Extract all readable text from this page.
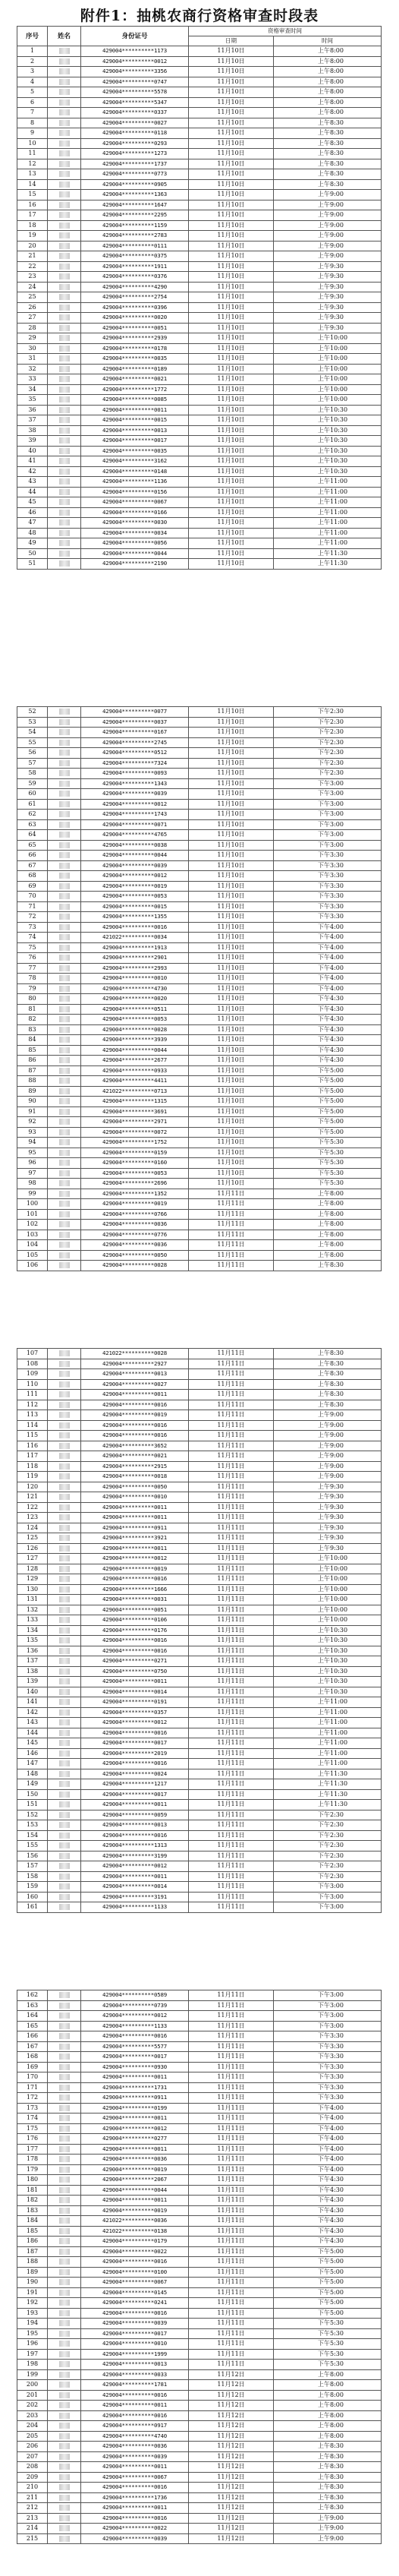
附件1：抽桃农商行资格审查时段表
序号	姓名	身份证号	资格审查时间	
			日期	时间
1		429004**********1173	11月10日	上午8:00
2		429004**********0012	11月10日	上午8:00
3		429004**********3356	11月10日	上午8:00
4		429004**********0747	11月10日	上午8:00
5		429004**********5578	11月10日	上午8:00
6		429004**********5347	11月10日	上午8:00
7		429004**********0337	11月10日	上午8:00
8		429004**********0027	11月10日	上午8:30
9		429004**********0118	11月10日	上午8:30
10		429004**********0293	11月10日	上午8:30
11		429004**********1273	11月10日	上午8:30
12		429004**********1737	11月10日	上午8:30
13		429004**********0773	11月10日	上午8:30
14		429004**********0905	11月10日	上午8:30
15		429004**********1363	11月10日	上午9:00
16		429004**********1647	11月10日	上午9:00
17		429004**********2295	11月10日	上午9:00
18		429004**********1159	11月10日	上午9:00
19		429004**********2783	11月10日	上午9:00
20		429004**********0111	11月10日	上午9:00
21		429004**********0375	11月10日	上午9:00
22		429004**********1911	11月10日	上午9:30
23		429004**********0376	11月10日	上午9:30
24		429004**********4290	11月10日	上午9:30
25		429004**********2754	11月10日	上午9:30
26		429004**********0396	11月10日	上午9:30
27		429004**********0020	11月10日	上午9:30
28		429004**********0051	11月10日	上午9:30
29		429004**********2939	11月10日	上午10:00
30		429004**********0178	11月10日	上午10:00
31		429004**********0035	11月10日	上午10:00
32		429004**********0189	11月10日	上午10:00
33		429004**********0021	11月10日	上午10:00
34		429004**********1772	11月10日	上午10:00
35		429004**********0085	11月10日	上午10:00
36		429004**********0011	11月10日	上午10:30
37		429004**********0015	11月10日	上午10:30
38		429004**********0013	11月10日	上午10:30
39		429004**********0017	11月10日	上午10:30
40		429004**********0035	11月10日	上午10:30
41		429004**********3162	11月10日	上午10:30
42		429004**********0148	11月10日	上午10:30
43		429004**********1136	11月10日	上午11:00
44		429004**********0156	11月10日	上午11:00
45		429004**********0067	11月10日	上午11:00
46		429004**********0166	11月10日	上午11:00
47		429004**********0030	11月10日	上午11:00
48		429004**********0034	11月10日	上午11:00
49		429004**********0056	11月10日	上午11:00
50		429004**********0044	11月10日	上午11:30
51		429004**********2190	11月10日	上午11:30
52		429004**********0077	11月10日	下午2:30
53		429004**********0037	11月10日	下午2:30
54		429004**********0167	11月10日	下午2:30
55		429004**********2745	11月10日	下午2:30
56		429004**********0512	11月10日	下午2:30
57		429004**********7324	11月10日	下午2:30
58		429004**********0093	11月10日	下午2:30
59		429004**********1343	11月10日	下午3:00
60		429004**********0039	11月10日	下午3:00
61		429004**********0012	11月10日	下午3:00
62		429004**********1743	11月10日	下午3:00
63		429004**********0071	11月10日	下午3:00
64		429004**********4765	11月10日	下午3:00
65		429004**********0038	11月10日	下午3:00
66		429004**********0044	11月10日	下午3:30
67		429004**********0039	11月10日	下午3:30
68		429004**********0012	11月10日	下午3:30
69		429004**********0019	11月10日	下午3:30
70		429004**********0053	11月10日	下午3:30
71		429004**********0015	11月10日	下午3:30
72		429004**********1355	11月10日	下午3:30
73		429004**********0016	11月10日	下午4:00
74		421022**********0034	11月10日	下午4:00
75		429004**********1913	11月10日	下午4:00
76		429004**********2901	11月10日	下午4:00
77		429004**********2993	11月10日	下午4:00
78		429004**********0010	11月10日	下午4:00
79		429004**********4730	11月10日	下午4:00
80		429004**********0020	11月10日	下午4:30
81		429004**********0511	11月10日	下午4:30
82		429004**********0053	11月10日	下午4:30
83		429004**********0028	11月10日	下午4:30
84		429004**********3939	11月10日	下午4:30
85		429004**********0044	11月10日	下午4:30
86		429004**********2677	11月10日	下午4:30
87		429004**********0933	11月10日	下午5:00
88		429004**********4411	11月10日	下午5:00
89		421022**********0713	11月10日	下午5:00
90		429004**********1315	11月10日	下午5:00
91		429004**********3691	11月10日	下午5:00
92		429004**********2971	11月10日	下午5:00
93		429004**********0072	11月10日	下午5:00
94		429004**********1752	11月10日	下午5:30
95		429004**********0159	11月10日	下午5:30
96		429004**********0160	11月10日	下午5:30
97		429004**********0053	11月10日	下午5:30
98		429004**********2696	11月10日	下午5:30
99		429004**********1352	11月11日	上午8:00
100		429004**********0019	11月11日	上午8:00
101		429004**********0766	11月11日	上午8:00
102		429004**********0036	11月11日	上午8:00
103		429004**********0776	11月11日	上午8:00
104		429004**********0036	11月11日	上午8:00
105		429004**********0050	11月11日	上午8:00
106		429004**********0028	11月11日	上午8:30
107		421022**********0028	11月11日	上午8:30
108		429004**********2927	11月11日	上午8:30
109		429004**********0013	11月11日	上午8:30
110		429004**********0027	11月11日	上午8:30
111		429004**********0011	11月11日	上午8:30
112		429004**********0016	11月11日	上午8:30
113		429004**********0019	11月11日	上午9:00
114		429004**********0016	11月11日	上午9:00
115		429004**********0016	11月11日	上午9:00
116		429004**********3652	11月11日	上午9:00
117		429004**********0021	11月11日	上午9:00
118		429004**********2915	11月11日	上午9:00
119		429004**********0018	11月11日	上午9:00
120		429004**********0050	11月11日	上午9:30
121		429004**********0010	11月11日	上午9:30
122		429004**********0011	11月11日	上午9:30
123		429004**********0011	11月11日	上午9:30
124		429004**********0911	11月11日	上午9:30
125		429004**********3921	11月11日	上午9:30
126		429004**********0011	11月11日	上午9:30
127		429004**********0012	11月11日	上午10:00
128		429004**********0019	11月11日	上午10:00
129		429004**********0016	11月11日	上午10:00
130		429004**********1666	11月11日	上午10:00
131		429004**********0031	11月11日	上午10:00
132		429004**********0051	11月11日	上午10:00
133		429004**********0106	11月11日	上午10:00
134		429004**********0176	11月11日	上午10:30
135		429004**********0016	11月11日	上午10:30
136		429004**********0016	11月11日	上午10:30
137		429004**********0271	11月11日	上午10:30
138		429004**********0750	11月11日	上午10:30
139		429004**********0011	11月11日	上午10:30
140		429004**********0014	11月11日	上午10:30
141		429004**********0191	11月11日	上午11:00
142		429004**********0357	11月11日	上午11:00
143		429004**********0012	11月11日	上午11:00
144		429004**********0016	11月11日	上午11:00
145		429004**********0017	11月11日	上午11:00
146		429004**********2019	11月11日	上午11:00
147		429004**********0016	11月11日	上午11:00
148		429004**********0024	11月11日	上午11:30
149		429004**********1217	11月11日	上午11:30
150		429004**********0017	11月11日	上午11:30
151		429004**********0011	11月11日	上午11:30
152		429004**********0059	11月11日	下午2:30
153		429004**********0013	11月11日	下午2:30
154		429004**********0016	11月11日	下午2:30
155		429004**********1313	11月11日	下午2:30
156		429004**********3199	11月11日	下午2:30
157		429004**********0012	11月11日	下午2:30
158		429004**********0011	11月11日	下午2:30
159		429004**********0014	11月11日	下午3:00
160		429004**********3191	11月11日	下午3:00
161		429004**********1133	11月11日	下午3:00
162		429004**********0589	11月11日	下午3:00
163		429004**********0739	11月11日	下午3:00
164		429004**********0012	11月11日	下午3:00
165		429004**********1133	11月11日	下午3:00
166		429004**********0016	11月11日	下午3:30
167		429004**********5577	11月11日	下午3:30
168		429004**********0017	11月11日	下午3:30
169		429004**********0930	11月11日	下午3:30
170		429004**********0011	11月11日	下午3:30
171		429004**********1731	11月11日	下午3:30
172		429004**********0911	11月11日	下午3:30
173		429004**********0199	11月11日	下午4:00
174		429004**********0011	11月11日	下午4:00
175		429004**********0012	11月11日	下午4:00
176		429004**********0277	11月11日	下午4:00
177		429004**********0011	11月11日	下午4:00
178		429004**********0036	11月11日	下午4:00
179		429004**********0019	11月11日	下午4:00
180		429004**********2067	11月11日	下午4:30
181		429004**********0044	11月11日	下午4:30
182		429004**********0011	11月11日	下午4:30
183		429004**********0019	11月11日	下午4:30
184		421022**********0036	11月11日	下午4:30
185		421022**********0138	11月11日	下午4:30
186		429004**********0179	11月11日	下午4:30
187		429004**********0022	11月11日	下午5:00
188		429004**********0016	11月11日	下午5:00
189		429004**********0100	11月11日	下午5:00
190		429004**********0067	11月11日	下午5:00
191		429004**********0145	11月11日	下午5:00
192		429004**********0241	11月11日	下午5:00
193		429004**********0016	11月11日	下午5:00
194		429004**********0039	11月11日	下午5:30
195		429004**********0017	11月11日	下午5:30
196		429004**********0010	11月11日	下午5:30
197		429004**********1999	11月11日	下午5:30
198		429004**********0013	11月11日	下午5:30
199		429004**********0033	11月12日	上午8:00
200		429004**********1781	11月12日	上午8:00
201		429004**********0016	11月12日	上午8:00
202		429004**********0011	11月12日	上午8:00
203		429004**********0016	11月12日	上午8:00
204		429004**********0917	11月12日	上午8:00
205		429004**********4740	11月12日	上午8:00
206		429004**********0036	11月12日	上午8:30
207		429004**********0039	11月12日	上午8:30
208		429004**********0011	11月12日	上午8:30
209		429004**********0067	11月12日	上午8:30
210		429004**********0016	11月12日	上午8:30
211		429004**********1736	11月12日	上午8:30
212		429004**********0011	11月12日	上午8:30
213		429004**********0016	11月12日	上午9:00
214		429004**********0022	11月12日	上午9:00
215		429004**********0039	11月12日	上午9:00
